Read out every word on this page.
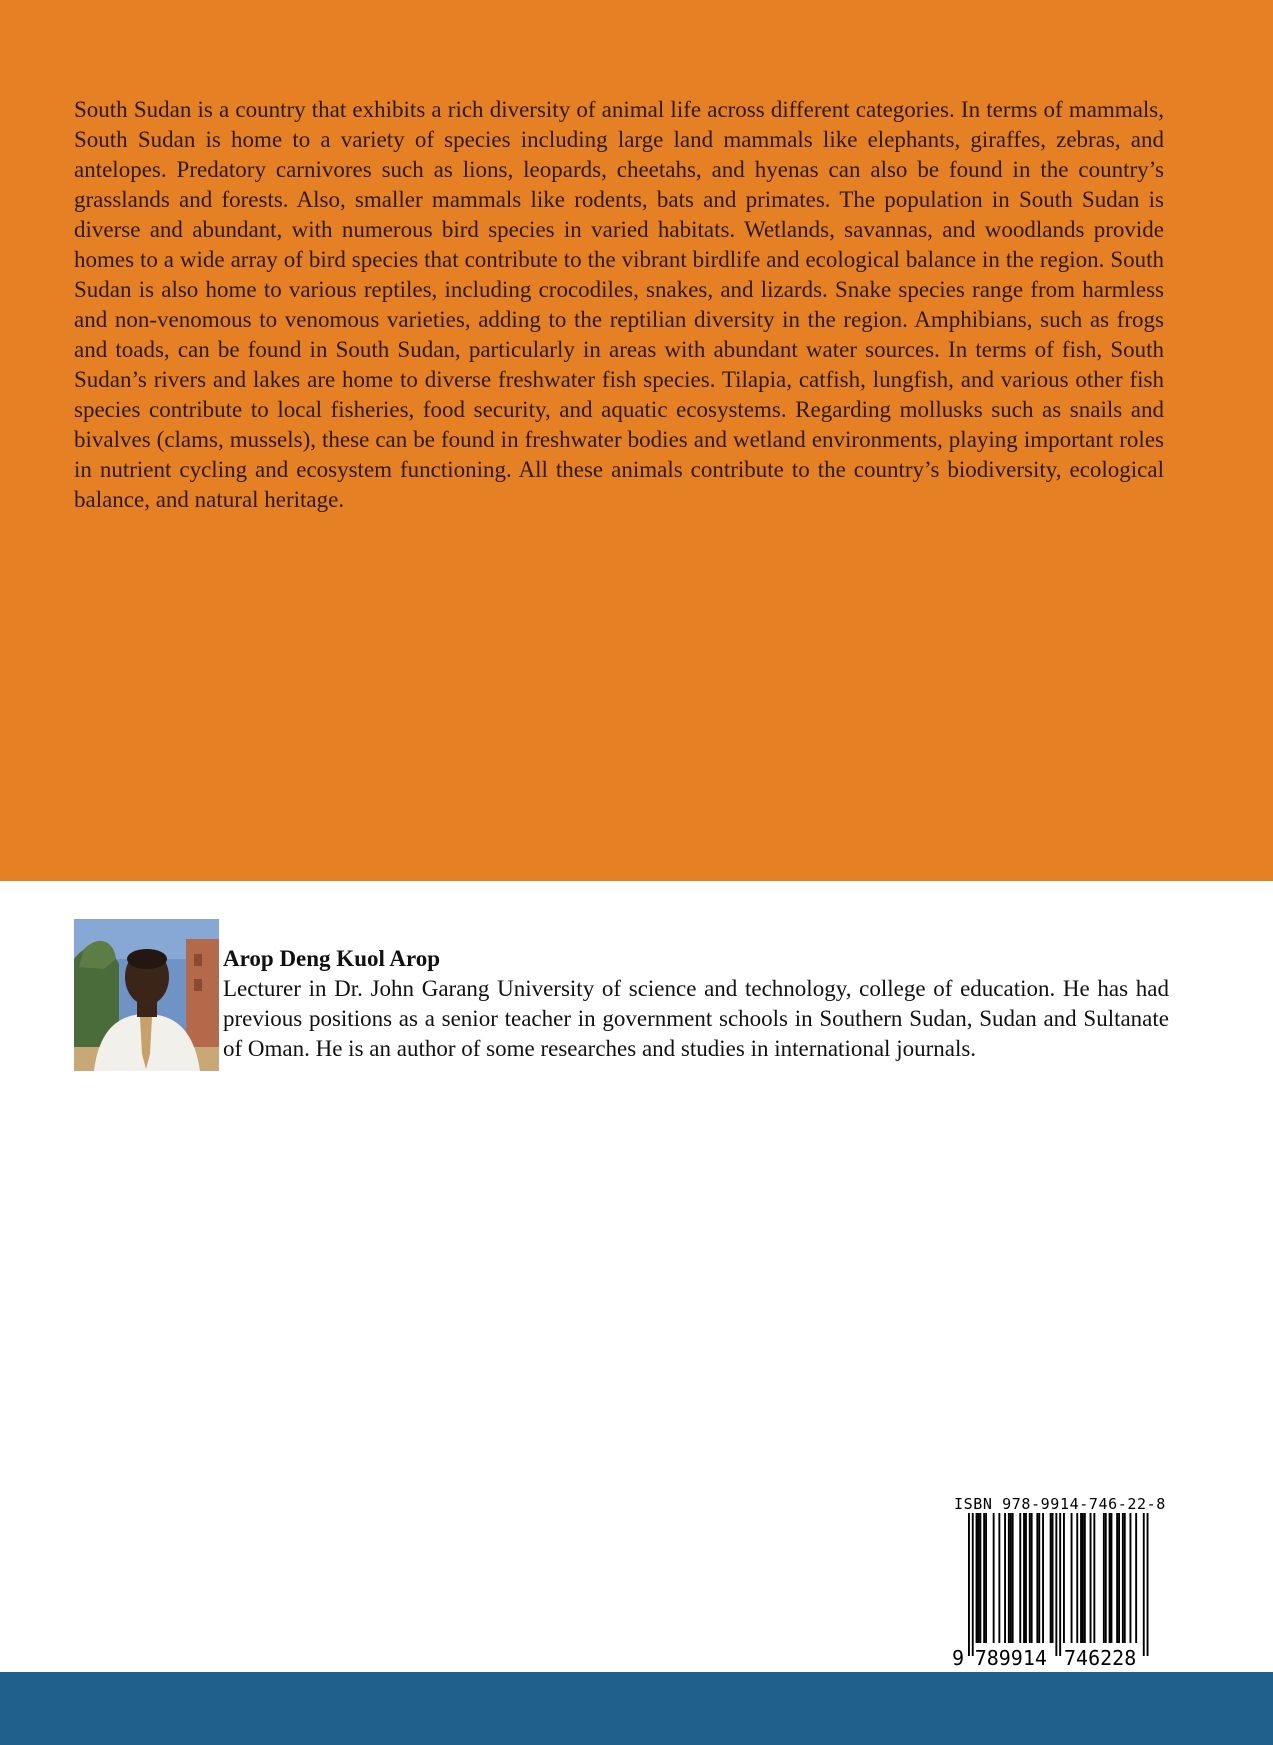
South Sudan is a country that exhibits a rich diversity of animal life across different categories. In terms of mammals, South Sudan is home to a variety of species including large land mammals like elephants, giraffes, zebras, and antelopes. Predatory carnivores such as lions, leopards, cheetahs, and hyenas can also be found in the country’s grasslands and forests. Also, smaller mammals like rodents, bats and primates. The population in South Sudan is diverse and abundant, with numerous bird species in varied habitats. Wetlands, savannas, and woodlands provide homes to a wide array of bird species that contribute to the vibrant birdlife and ecological balance in the region. South Sudan is also home to various reptiles, including crocodiles, snakes, and lizards. Snake species range from harmless and non-venomous to venomous varieties, adding to the reptilian diversity in the region. Amphibians, such as frogs and toads, can be found in South Sudan, particularly in areas with abundant water sources. In terms of fish, South Sudan’s rivers and lakes are home to diverse freshwater fish species. Tilapia, catfish, lungfish, and various other fish species contribute to local fisheries, food security, and aquatic ecosystems. Regarding mollusks such as snails and bivalves (clams, mussels), these can be found in freshwater bodies and wetland environments, playing important roles in nutrient cycling and ecosystem functioning. All these animals contribute to the country’s biodiversity, ecological balance, and natural heritage.

Arop Deng Kuol Arop

Lecturer in Dr. John Garang University of science and technology, college of education. He has had previous positions as a senior teacher in government schools in Southern Sudan, Sudan and Sultanate of Oman. He is an author of some researches and studies in international journals.

ISBN 978-9914-746-22-8
9 789914 746228
